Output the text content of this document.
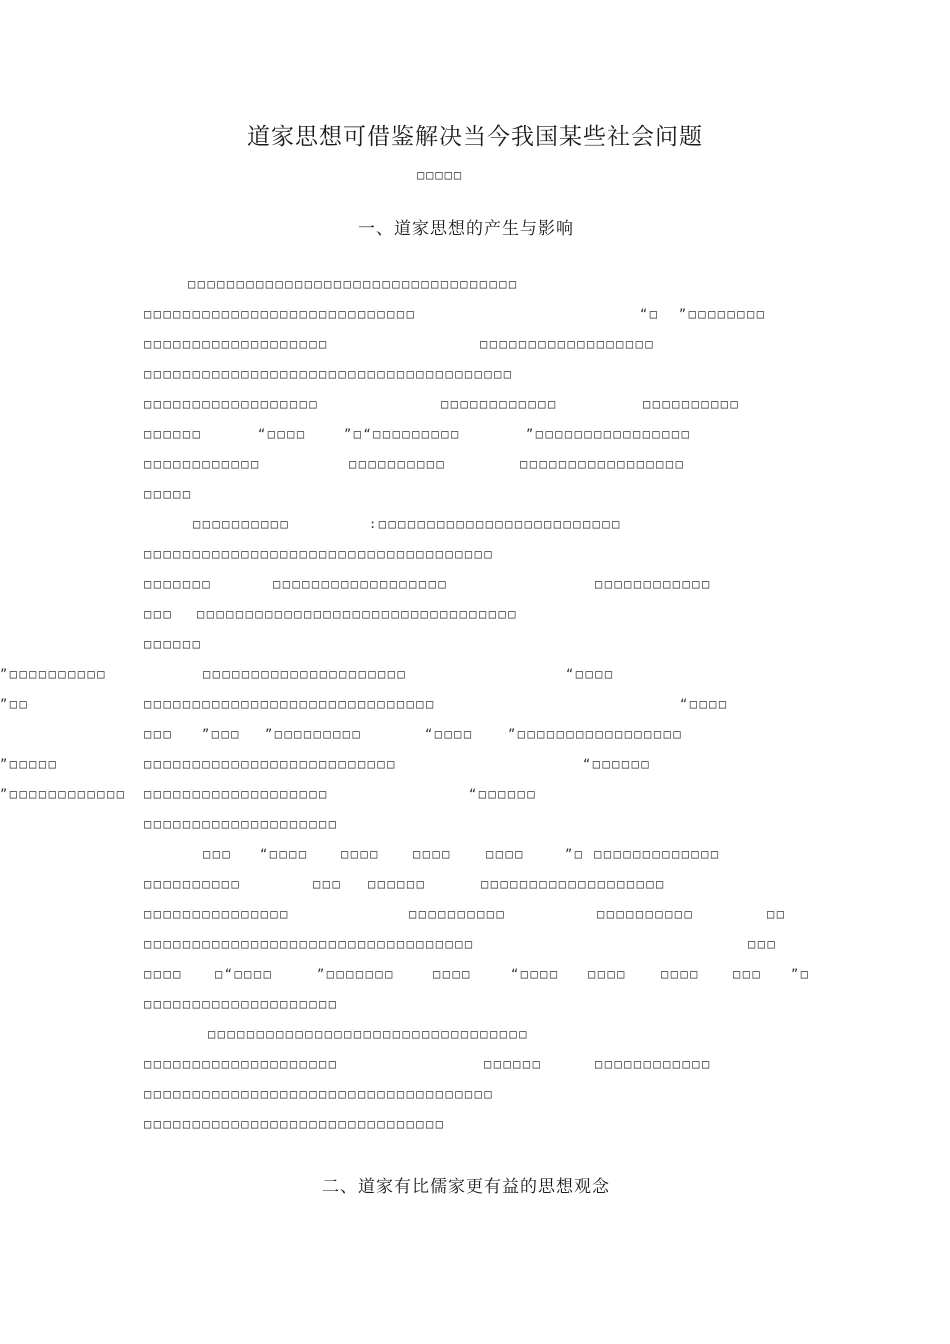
道家思想可借鉴解决当今我国某些社会问题
□□□□□
一、道家思想的产生与影响
□□□□□□□□□□□□□□□□□□□□□□□□□□□□□□□□□□
□□□□□□□□□□□□□□□□□□□□□□□□□□□□	“□  ”□□□□□□□□
□□□□□□□□□□□□□□□□□□□	□□□□□□□□□□□□□□□□□□
□□□□□□□□□□□□□□□□□□□□□□□□□□□□□□□□□□□□□□
□□□□□□□□□□□□□□□□□□	□□□□□□□□□□□□	□□□□□□□□□□
□□□□□□	“□□□□	”□“□□□□□□□□□	”□□□□□□□□□□□□□□□□
□□□□□□□□□□□□	□□□□□□□□□□	□□□□□□□□□□□□□□□□□
□□□□□
□□□□□□□□□□	:□□□□□□□□□□□□□□□□□□□□□□□□□
□□□□□□□□□□□□□□□□□□□□□□□□□□□□□□□□□□□□
□□□□□□□	□□□□□□□□□□□□□□□□□□	□□□□□□□□□□□□
□□□ □□□□□□□□□□□□□□□□□□□□□□□□□□□□□□□□□
□□□□□□
□□□□□□□□□□□□□□□□□□□□□	“□□□□
”□□□□□□□□□□
□□□□□□□□□□□□□□□□□□□□□□□□□□□□□□	“□□□□
”□□
□□□ ”□□□ ”□□□□□□□□□	“□□□□	”□□□□□□□□□□□□□□□□□
□□□□□□□□□□□□□□□□□□□□□□□□□□	“□□□□□□
”□□□□□
□□□□□□□□□□□□□□□□□□□	“□□□□□□
”□□□□□□□□□□□□
□□□□□□□□□□□□□□□□□□□□
□□□ “□□□□	□□□□	□□□□	□□□□	”□ □□□□□□□□□□□□□
□□□□□□□□□□	□□□ □□□□□□	□□□□□□□□□□□□□□□□□□□
□□□□□□□□□□□□□□□	□□□□□□□□□□	□□□□□□□□□□	□□
□□□□□□□□□□□□□□□□□□□□□□□□□□□□□□□□□□	□□□
□□□□	□“□□□□	”□□□□□□□	□□□□	“□□□□ □□□□	□□□□	□□□ ”□
□□□□□□□□□□□□□□□□□□□□
□□□□□□□□□□□□□□□□□□□□□□□□□□□□□□□□□
□□□□□□□□□□□□□□□□□□□□	□□□□□□	□□□□□□□□□□□□
□□□□□□□□□□□□□□□□□□□□□□□□□□□□□□□□□□□□
□□□□□□□□□□□□□□□□□□□□□□□□□□□□□□□
二、道家有比儒家更有益的思想观念
